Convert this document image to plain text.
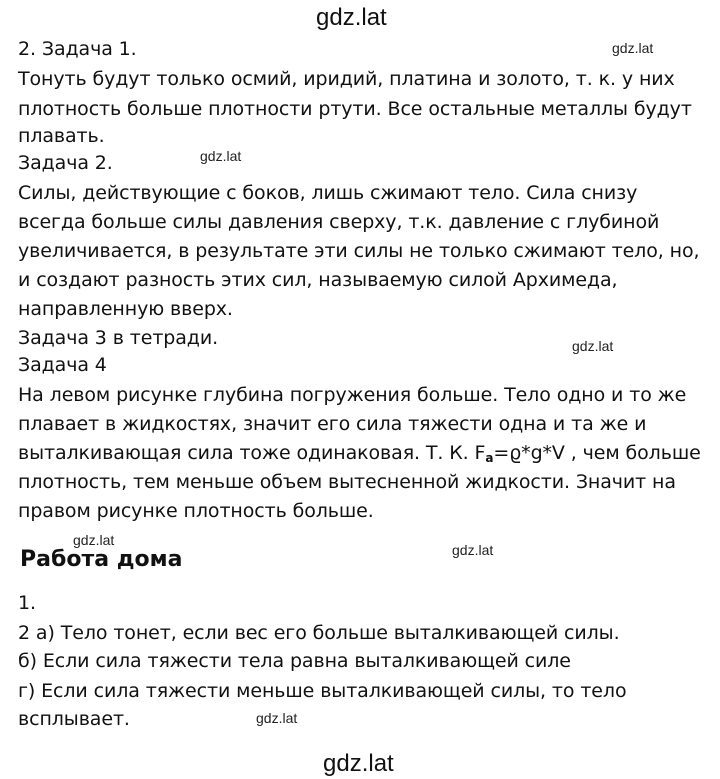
gdz.lat
2. Задача 1.	gdz.lat
Тонуть будут только осмий, иридий, платина и золото, т. к. у них
плотность больше плотности ртути. Все остальные металлы будут
плавать.
Задача 2.	gdz.lat
Силы, действующие с боков, лишь сжимают тело. Сила снизу
всегда больше силы давления сверху, т.к. давление с глубиной
увеличивается, в результате эти силы не только сжимают тело, но,
и создают разность этих сил, называемую силой Архимеда,
направленную вверх.
Задача 3 в тетради.	gdz.lat
Задача 4
На левом рисунке глубина погружения больше. Тело одно и то же
плавает в жидкостях, значит его сила тяжести одна и та же и
выталкивающая сила тоже одинаковая. Т. К. $F_a=ϱ*g*V$ , чем больше
плотность, тем меньше объем вытесненной жидкости. Значит на
правом рисунке плотность больше.
gdz.lat
Работа дома	gdz.lat
1.
2 а) Тело тонет, если вес его больше выталкивающей силы.
б) Если сила тяжести тела равна выталкивающей силе
г) Если сила тяжести меньше выталкивающей силы, то тело
всплывает.	gdz.lat
gdz.lat
